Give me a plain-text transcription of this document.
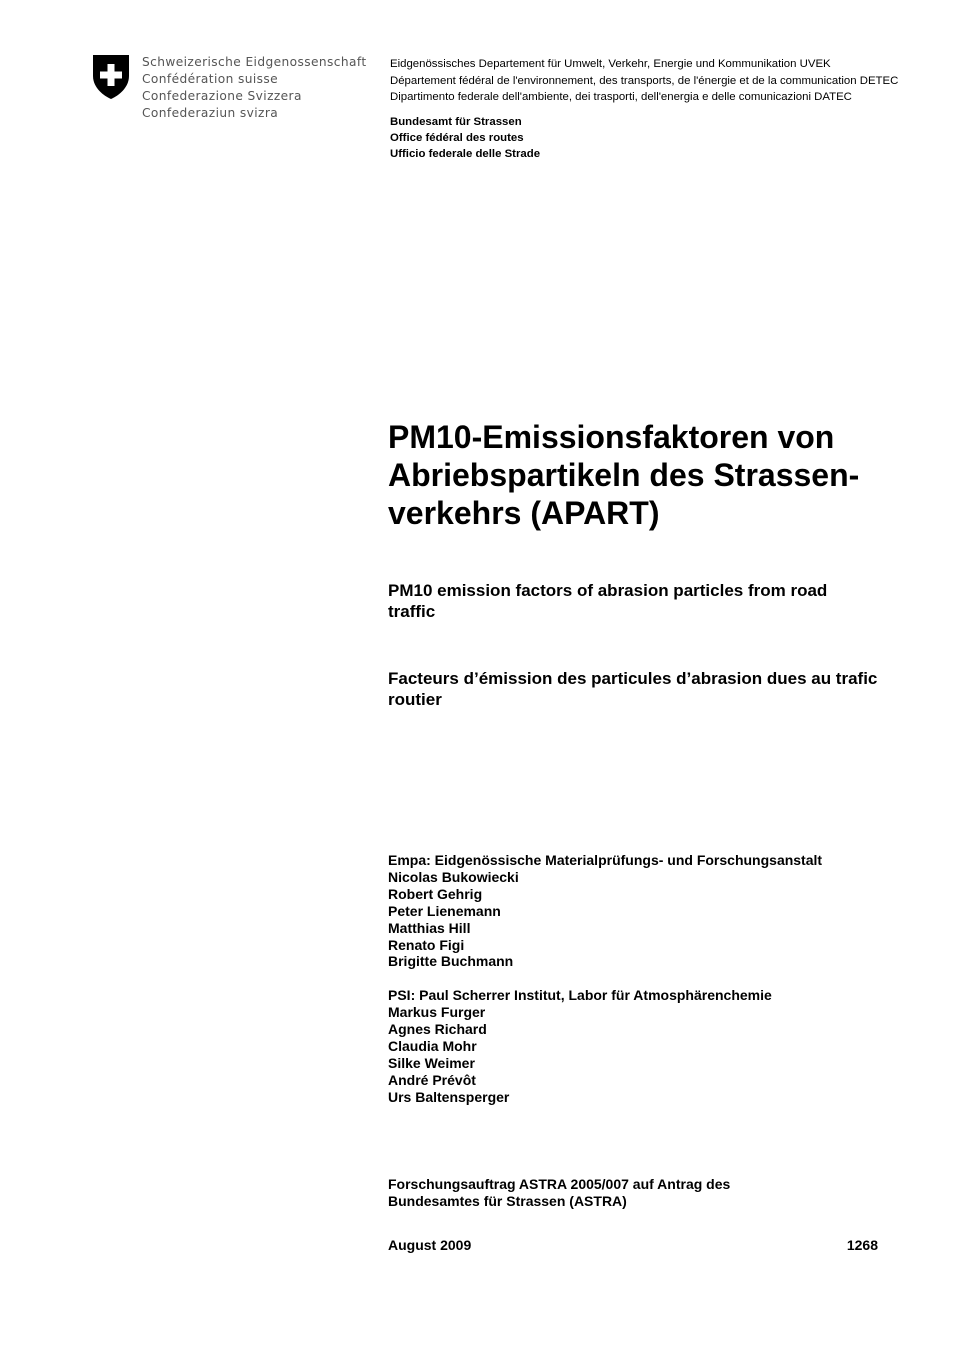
Schweizerische Eidgenossenschaft
Confédération suisse
Confederazione Svizzera
Confederaziun svizra
Eidgenössisches Departement für Umwelt, Verkehr, Energie und Kommunikation UVEK
Département fédéral de l'environnement, des transports, de l'énergie et de la communication DETEC
Dipartimento federale dell'ambiente, dei trasporti, dell'energia e delle comunicazioni DATEC
Bundesamt für Strassen
Office fédéral des routes
Ufficio federale delle Strade
PM10-Emissionsfaktoren von
Abriebspartikeln des Strassen-
verkehrs (APART)
PM10 emission factors of abrasion particles from road traffic
Facteurs d’émission des particules d’abrasion dues au trafic routier
Empa: Eidgenössische Materialprüfungs- und Forschungsanstalt
Nicolas Bukowiecki
Robert Gehrig
Peter Lienemann
Matthias Hill
Renato Figi
Brigitte Buchmann
PSI: Paul Scherrer Institut, Labor für Atmosphärenchemie
Markus Furger
Agnes Richard
Claudia Mohr
Silke Weimer
André Prévôt
Urs Baltensperger
Forschungsauftrag ASTRA 2005/007 auf Antrag des
Bundesamtes für Strassen (ASTRA)
August 2009	1268
